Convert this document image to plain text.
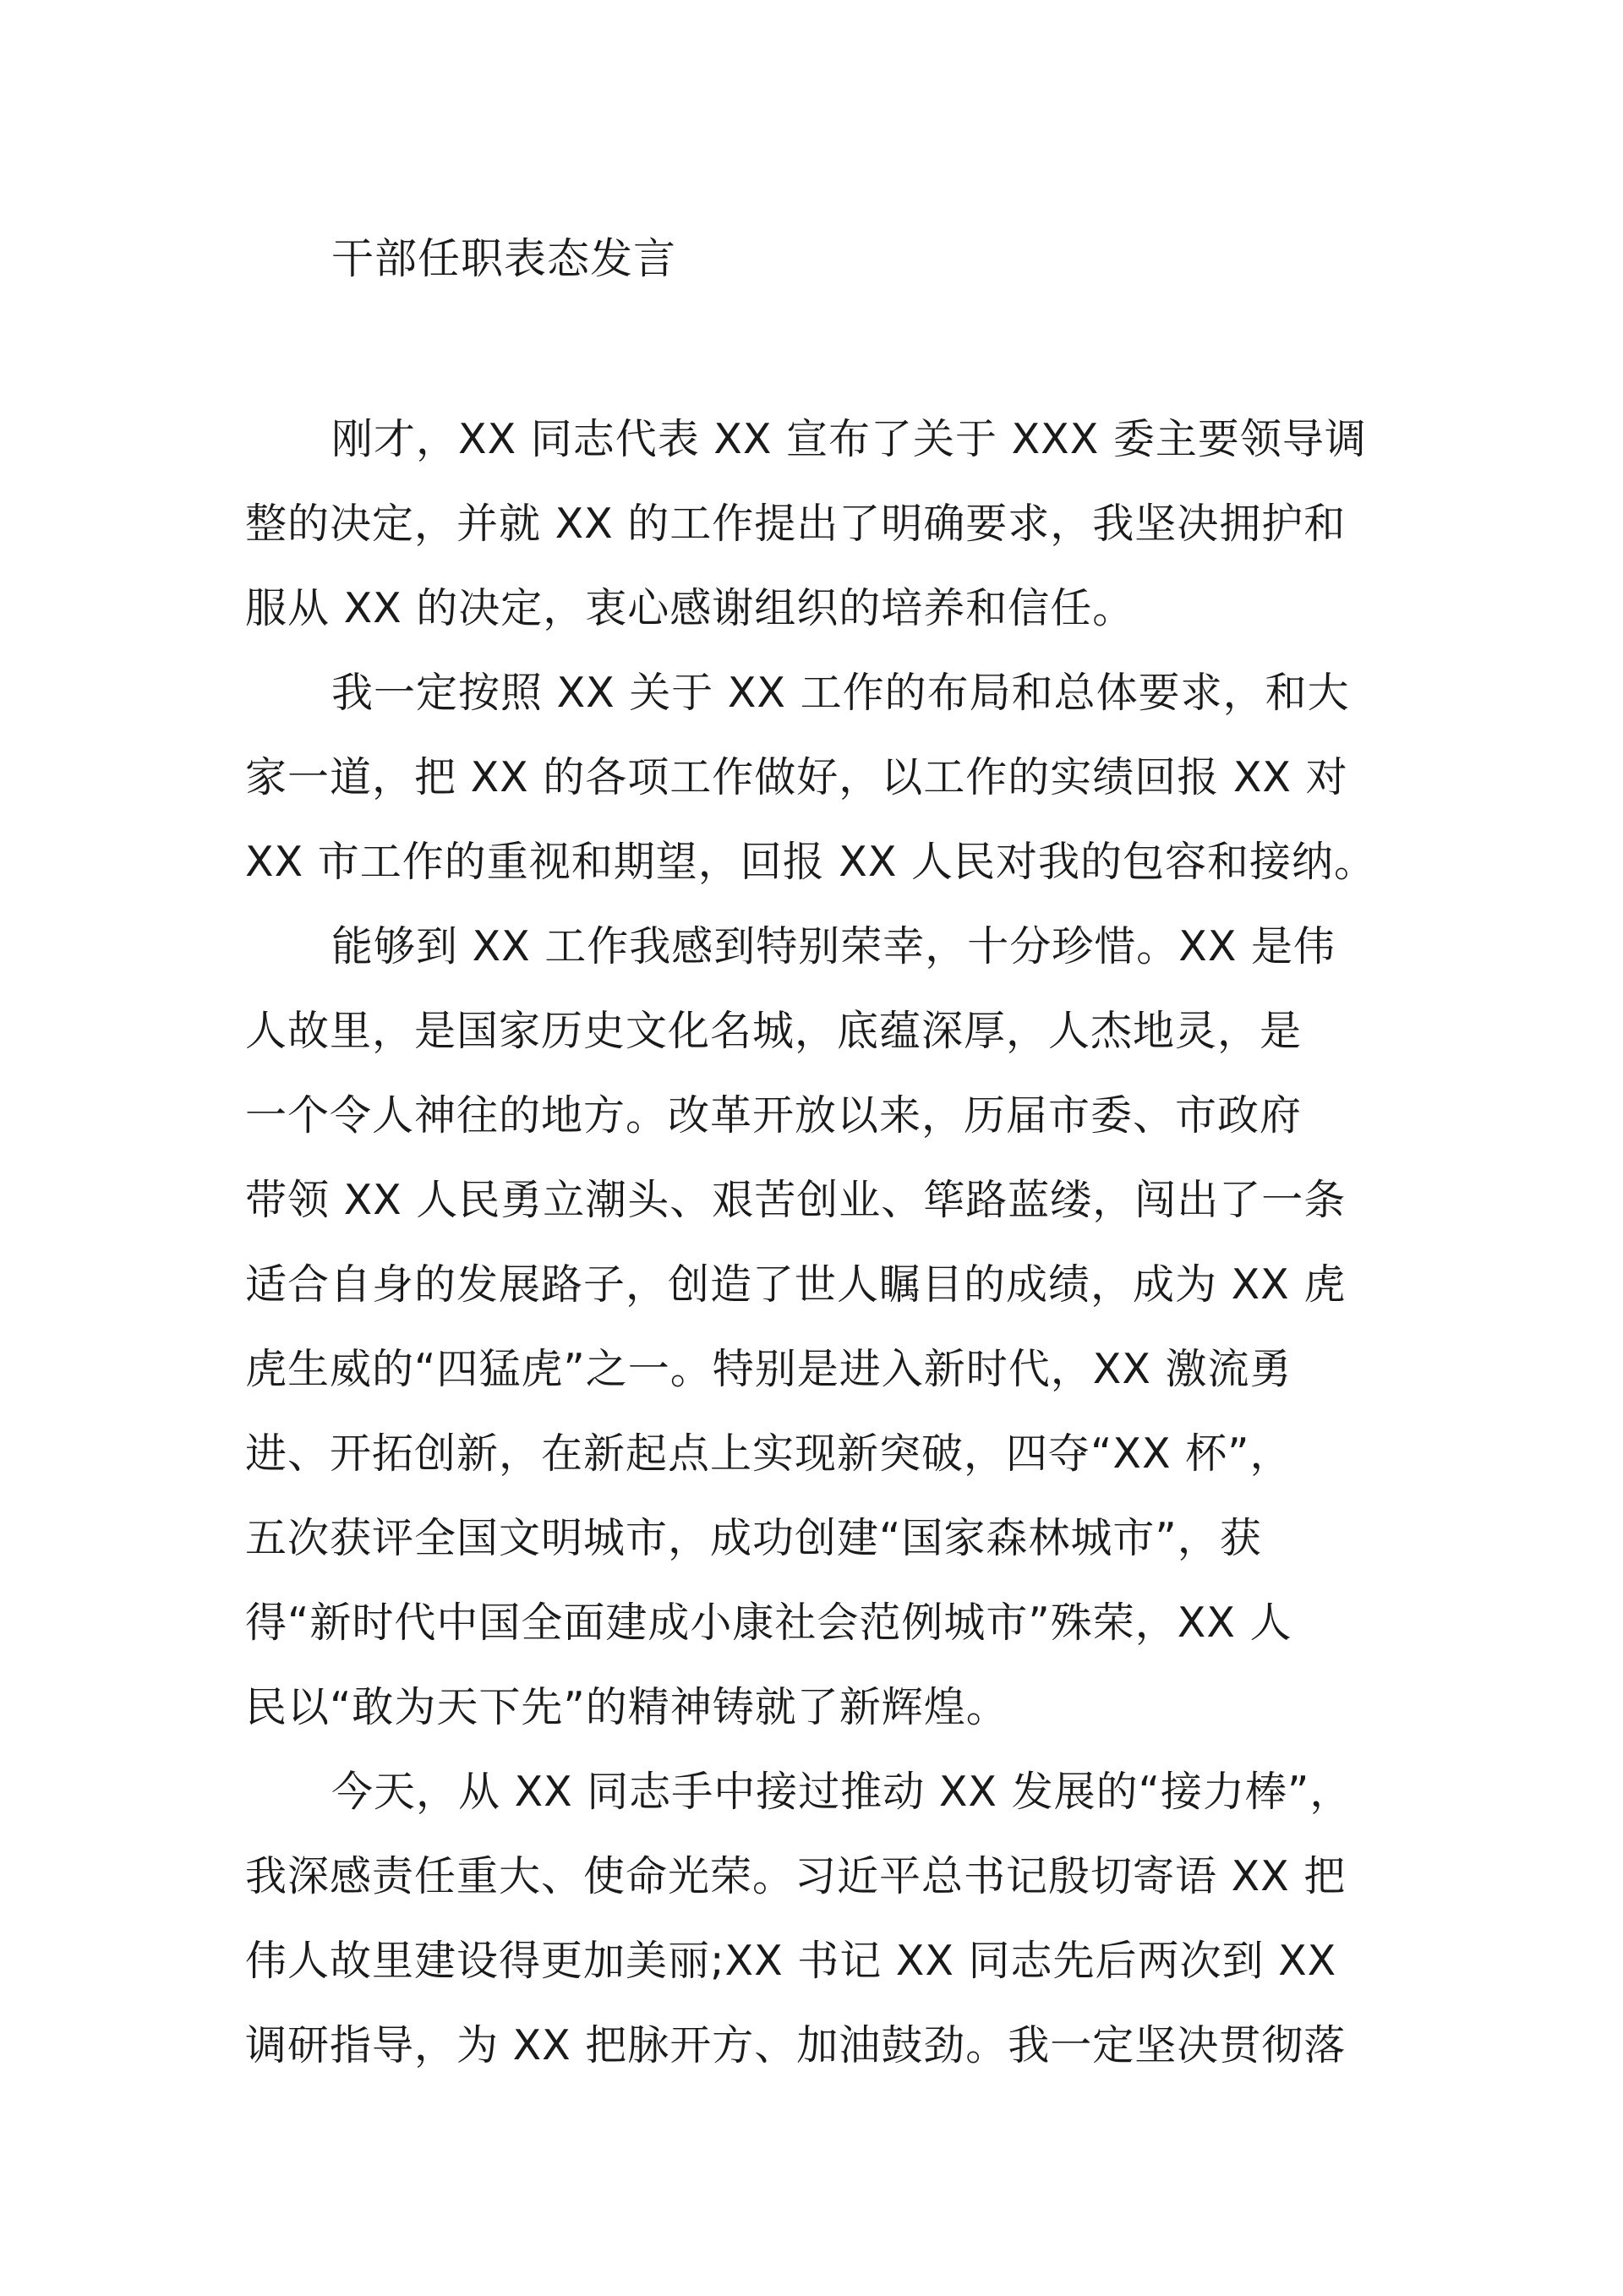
干部任职表态发言

刚才，XX 同志代表 XX 宣布了关于 XXX 委主要领导调
整的决定，并就 XX 的工作提出了明确要求，我坚决拥护和
服从 XX 的决定，衷心感谢组织的培养和信任。

我一定按照 XX 关于 XX 工作的布局和总体要求，和大
家一道，把 XX 的各项工作做好，以工作的实绩回报 XX 对
XX 市工作的重视和期望，回报 XX 人民对我的包容和接纳。

能够到 XX 工作我感到特别荣幸，十分珍惜。XX 是伟
人故里，是国家历史文化名城，底蕴深厚，人杰地灵，是
一个令人神往的地方。改革开放以来，历届市委、市政府
带领 XX 人民勇立潮头、艰苦创业、筚路蓝缕，闯出了一条
适合自身的发展路子，创造了世人瞩目的成绩，成为 XX 虎
虎生威的“四猛虎”之一。特别是进入新时代，XX 激流勇
进、开拓创新，在新起点上实现新突破，四夺“XX 杯”，
五次获评全国文明城市，成功创建“国家森林城市”，获
得“新时代中国全面建成小康社会范例城市”殊荣，XX 人
民以“敢为天下先”的精神铸就了新辉煌。

今天，从 XX 同志手中接过推动 XX 发展的“接力棒”，
我深感责任重大、使命光荣。习近平总书记殷切寄语 XX 把
伟人故里建设得更加美丽;XX 书记 XX 同志先后两次到 XX
调研指导，为 XX 把脉开方、加油鼓劲。我一定坚决贯彻落
